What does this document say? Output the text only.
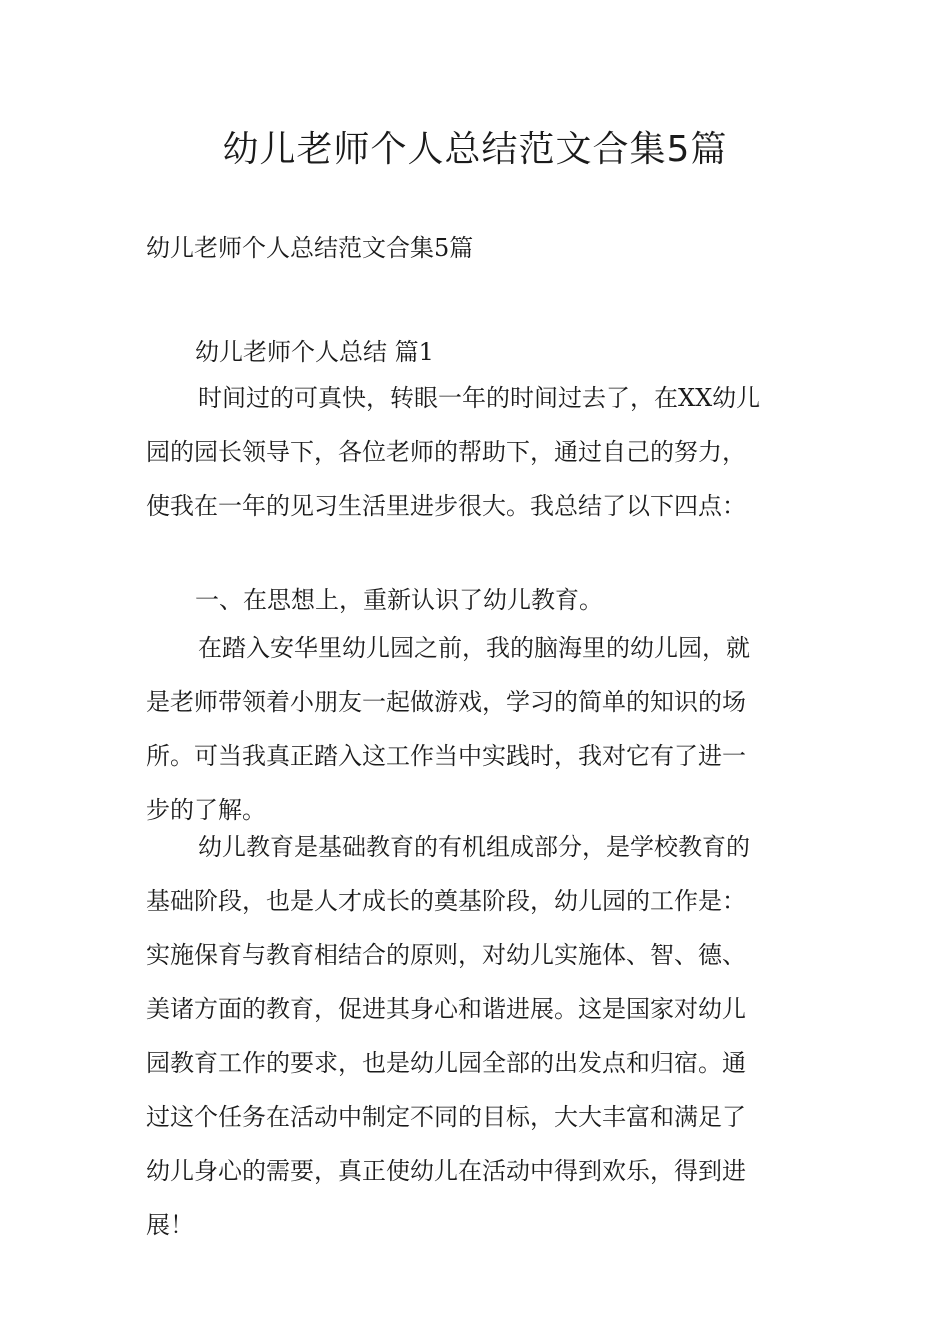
幼儿老师个人总结范文合集5篇

幼儿老师个人总结范文合集5篇

幼儿老师个人总结 篇1

时间过的可真快，转眼一年的时间过去了，在XX幼儿
园的园长领导下，各位老师的帮助下，通过自己的努力，
使我在一年的见习生活里进步很大。我总结了以下四点：

一、在思想上，重新认识了幼儿教育。

在踏入安华里幼儿园之前，我的脑海里的幼儿园，就
是老师带领着小朋友一起做游戏，学习的简单的知识的场
所。可当我真正踏入这工作当中实践时，我对它有了进一
步的了解。
幼儿教育是基础教育的有机组成部分，是学校教育的
基础阶段，也是人才成长的奠基阶段，幼儿园的工作是：
实施保育与教育相结合的原则，对幼儿实施体、智、德、
美诸方面的教育，促进其身心和谐进展。这是国家对幼儿
园教育工作的要求，也是幼儿园全部的出发点和归宿。通
过这个任务在活动中制定不同的目标，大大丰富和满足了
幼儿身心的需要，真正使幼儿在活动中得到欢乐，得到进
展！
